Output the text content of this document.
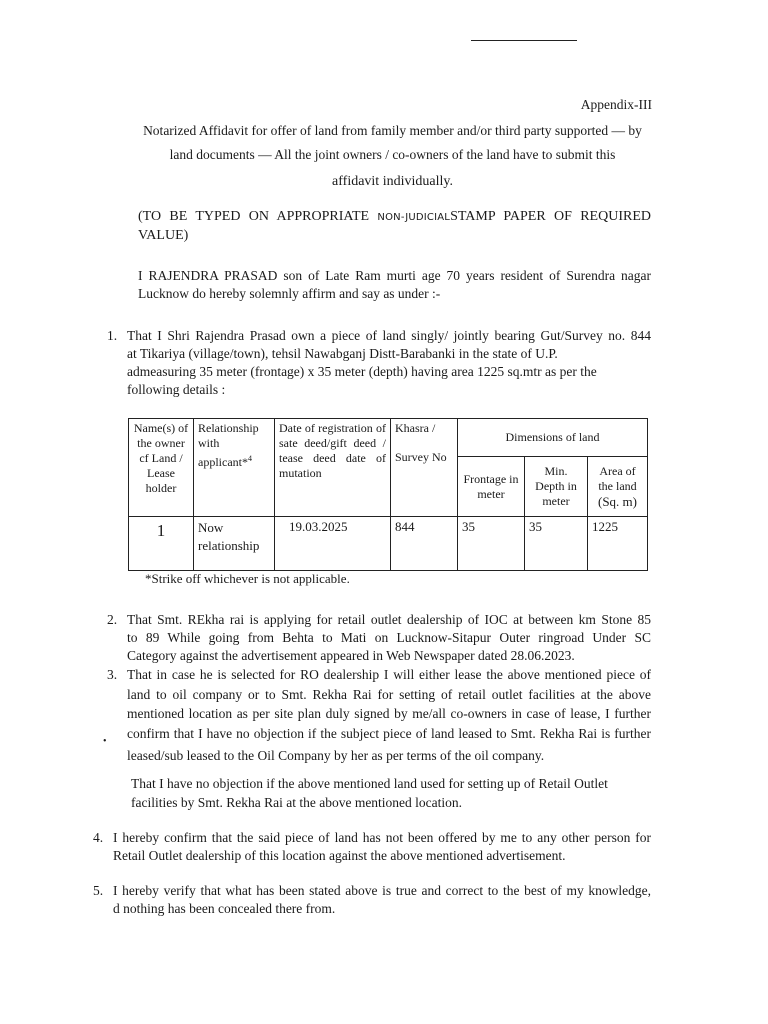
Appendix-III
Notarized Affidavit for offer of land from family member and/or third party supported — by
land documents — All the joint owners / co-owners of the land have to submit this
affidavit individually.
(TO BE TYPED ON APPROPRIATE NON-JUDICIALSTAMP PAPER OF REQUIRED
VALUE)
I RAJENDRA PRASAD son of Late Ram murti age 70 years resident of Surendra nagar
Lucknow do hereby solemnly affirm and say as under :-
1. That I Shri Rajendra Prasad own a piece of land singly/ jointly bearing Gut/Survey no. 844
at Tikariya (village/town), tehsil Nawabganj Distt-Barabanki in the state of U.P.
admeasuring 35 meter (frontage) x 35 meter (depth) having area 1225 sq.mtr as per the
following details :
Name(s) of the owner cf Land / Lease holder	Relationship with applicant*$^4$	Date of registration of sate deed/gift deed / tease deed date of mutation	Khasra /
Survey No	Dimensions of land		
				Frontage in meter	Min. Depth in meter	Area of the land
(Sq. m)

1	Now relationship	19.03.2025	844	35	35	1225
*Strike off whichever is not applicable.
2. That Smt. REkha rai is applying for retail outlet dealership of IOC at between km Stone 85
to 89 While going from Behta to Mati on Lucknow-Sitapur Outer ringroad Under SC
Category against the advertisement appeared in Web Newspaper dated 28.06.2023.
3. That in case he is selected for RO dealership I will either lease the above mentioned piece of
land to oil company or to Smt. Rekha Rai for setting of retail outlet facilities at the above
mentioned location as per site plan duly signed by me/all co-owners in case of lease, I further
confirm that I have no objection if the subject piece of land leased to Smt. Rekha Rai is further
leased/sub leased to the Oil Company by her as per terms of the oil company.
•
That I have no objection if the above mentioned land used for setting up of Retail Outlet
facilities by Smt. Rekha Rai at the above mentioned location.
4. I hereby confirm that the said piece of land has not been offered by me to any other person for
Retail Outlet dealership of this location against the above mentioned advertisement.
5. I hereby verify that what has been stated above is true and correct to the best of my knowledge,
d nothing has been concealed there from.
